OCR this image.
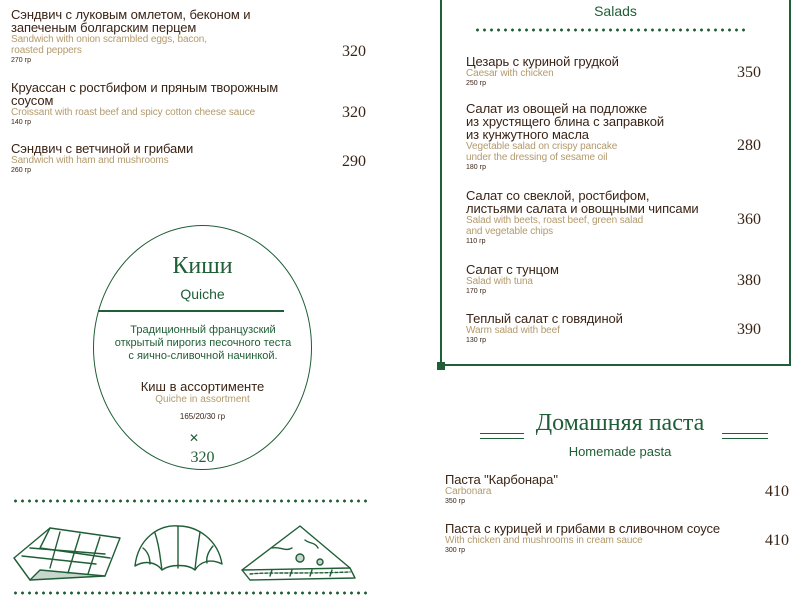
Сэндвич с луковым омлетом, беконом и
запеченым болгарским перцем
Sandwich with onion scrambled eggs, bacon,
roasted peppers
270 гр
320
Круассан с ростбифом и пряным творожным
соусом
Croissant with roast beef and spicy cotton cheese sauce
140 гр
320
Сэндвич с ветчиной и грибами
Sandwich with ham and mushrooms
260 гр
290
Киши
Quiche
Традиционный французский
открытый пирогиз песочного теста
с яично-сливочной начинкой.
Киш в ассортименте
Quiche in assortment
165/20/30 гр
✕
320
Salads
Цезарь с куриной грудкой
Caesar with chicken
250 гр
350
Салат из овощей на подложке
из хрустящего блина с заправкой
из кунжутного масла
Vegetable salad on crispy pancake
under the dressing of sesame oil
180 гр
280
Салат со свеклой, ростбифом,
листьями салата и овощными чипсами
Salad with beets, roast beef, green salad
and vegetable chips
110 гр
360
Салат с тунцом
Salad with tuna
170 гр
380
Теплый салат с говядиной
Warm salad with beef
130 гр
390
Домашняя паста
Homemade pasta
Паста "Карбонара"
Carbonara
350 гр
410
Паста с курицей и грибами в сливочном соусе
With chicken and mushrooms in cream sauce
300 гр
410
